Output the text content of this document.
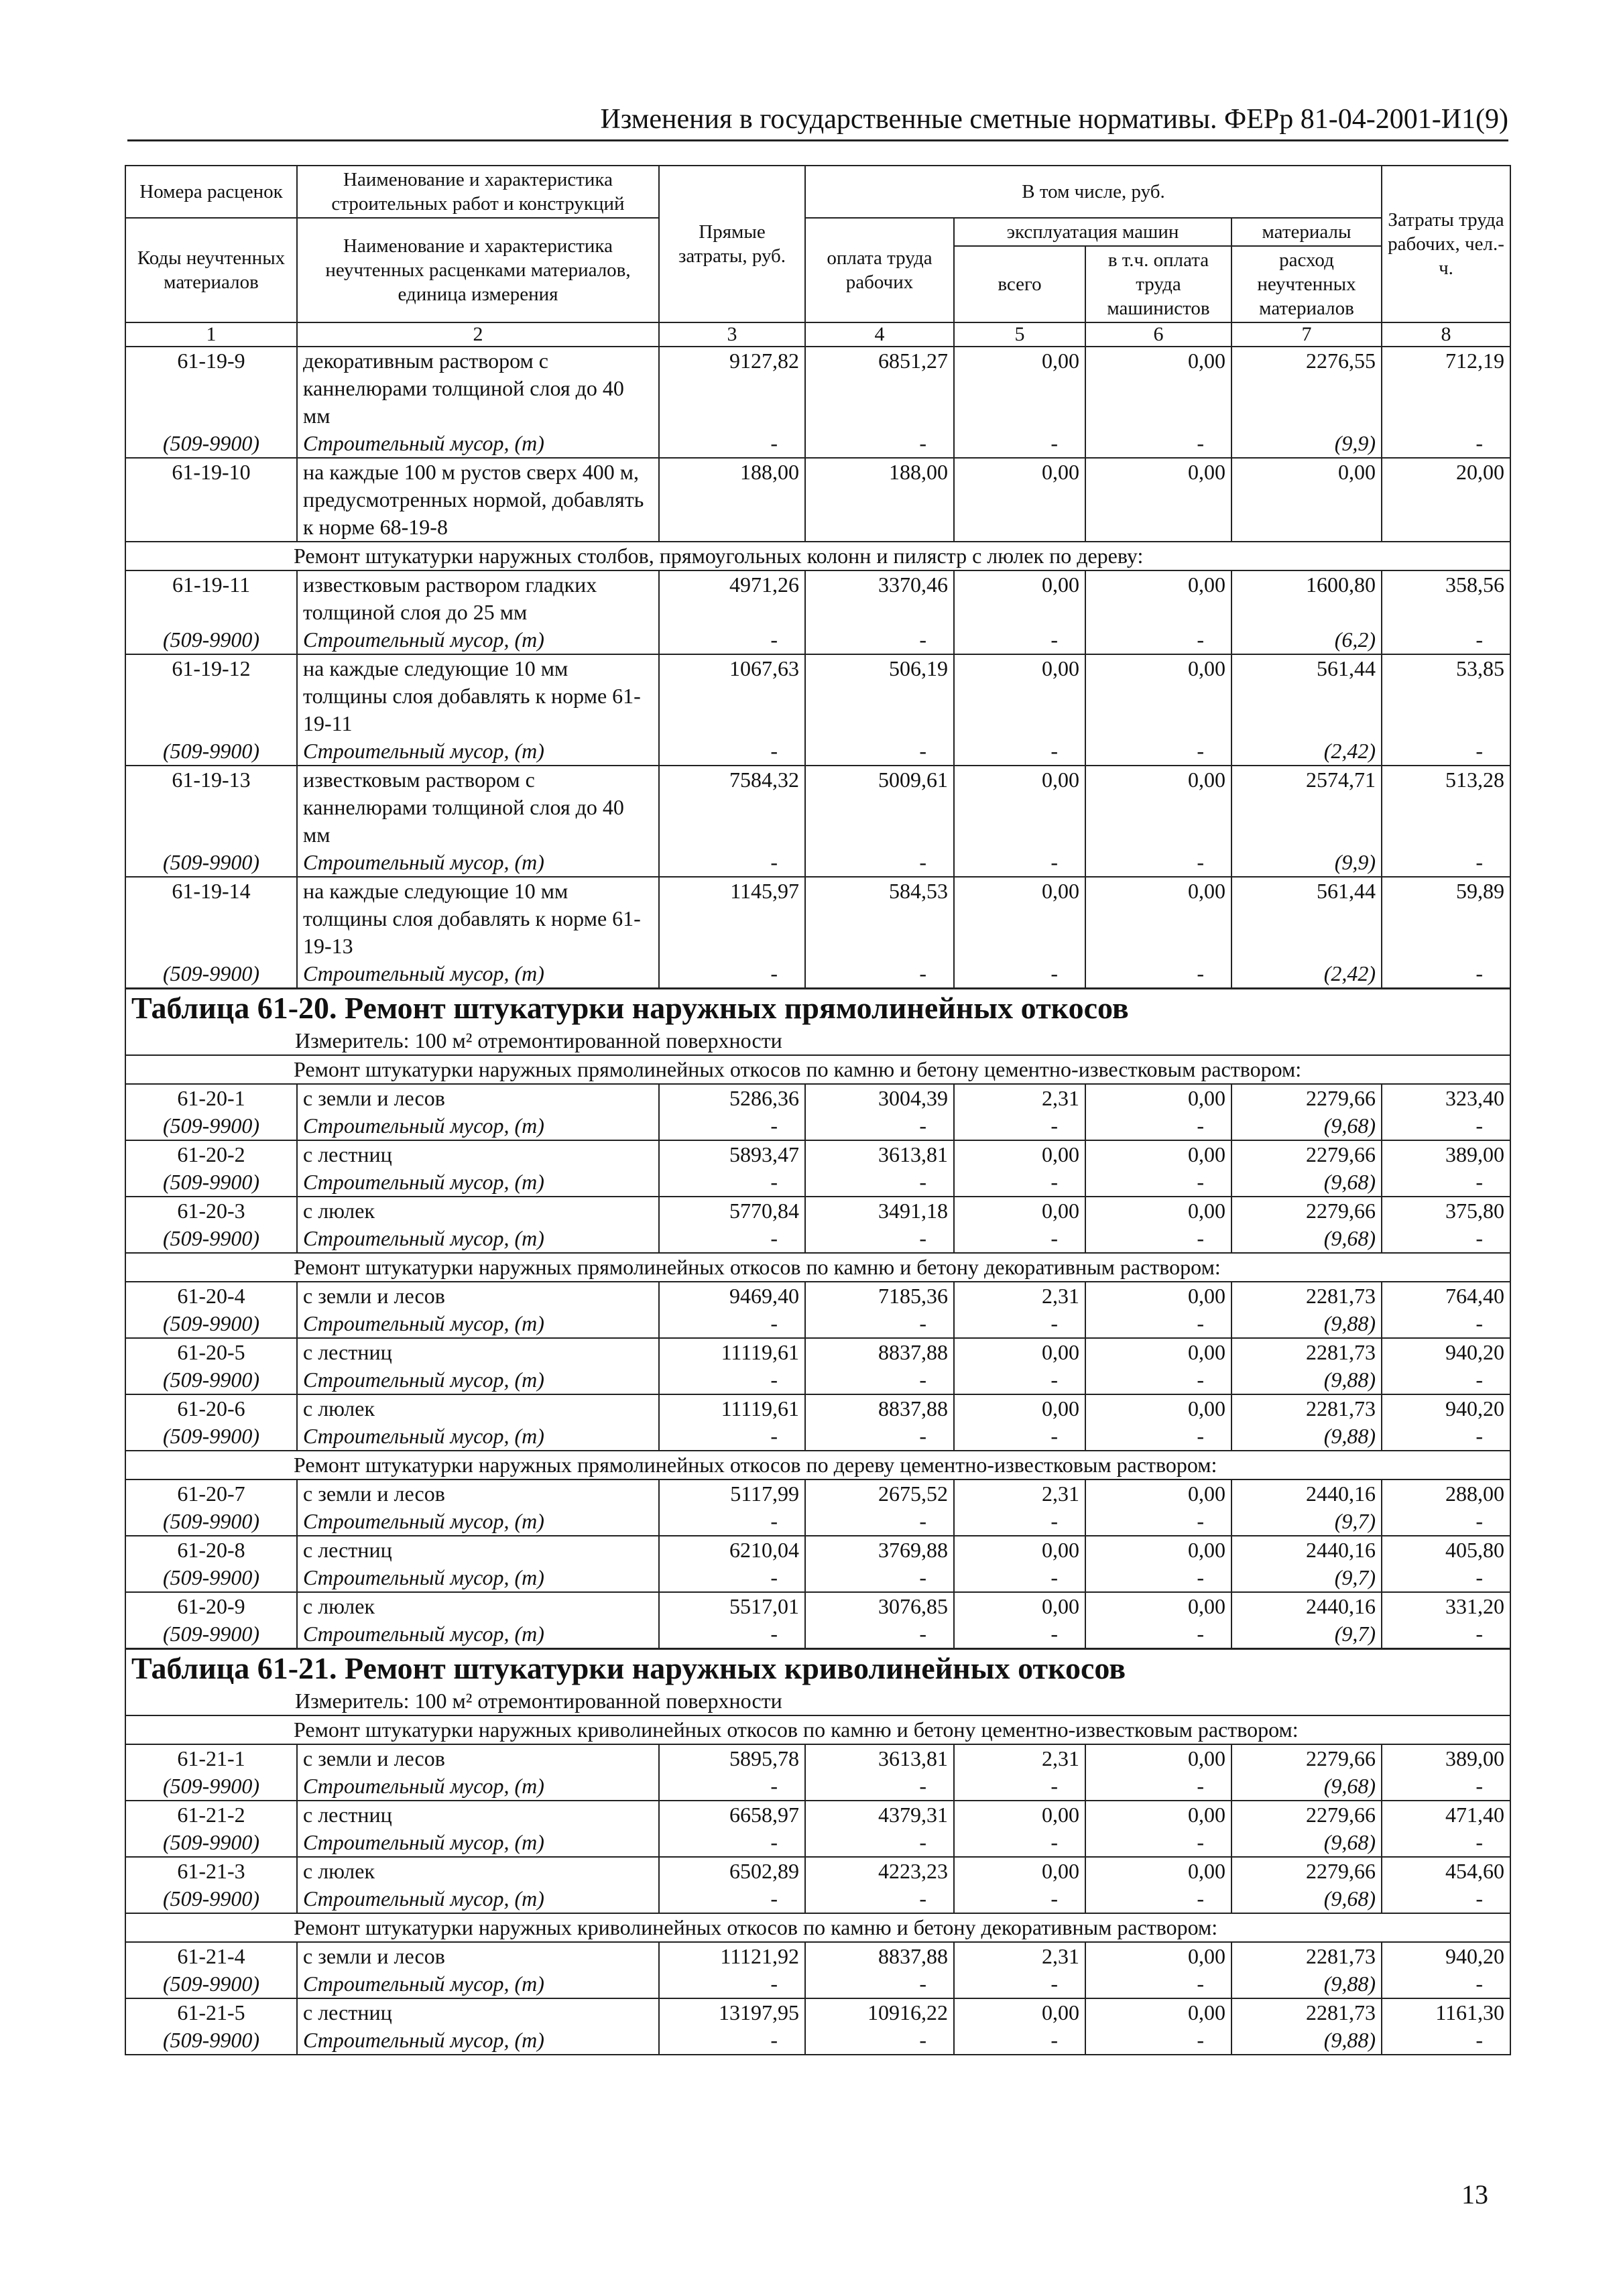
Изменения в государственные сметные нормативы. ФЕРр 81-04-2001-И1(9)
Номера расценок	Наименование и характеристика строительных работ и конструкций	Прямые затраты, руб.	В том числе, руб.				Затраты труда рабочих, чел.-ч.
Коды неучтенных материалов	Наименование и характеристика неучтенных расценками материалов, единица измерения		оплата труда рабочих	эксплуатация машин		материалы	
				всего	в т.ч. оплата труда машинистов	расход неучтенных материалов	

1	2	3	4	5	6	7	8
61-19-9	декоративным раствором с каннелюрами толщиной слоя до 40 мм	9127,82	6851,27	0,00	0,00	2276,55	712,19
(509-9900)	Строительный мусор, (т)	-	-	-	-	(9,9)	-
61-19-10	на каждые 100 м рустов сверх 400 м, предусмотренных нормой, добавлять к норме 68-19-8	188,00	188,00	0,00	0,00	0,00	20,00
Ремонт штукатурки наружных столбов, прямоугольных колонн и пилястр с люлек по дереву:							
61-19-11	известковым раствором гладких толщиной слоя до 25 мм	4971,26	3370,46	0,00	0,00	1600,80	358,56
(509-9900)	Строительный мусор, (т)	-	-	-	-	(6,2)	-
61-19-12	на каждые следующие 10 мм толщины слоя добавлять к норме 61-19-11	1067,63	506,19	0,00	0,00	561,44	53,85
(509-9900)	Строительный мусор, (т)	-	-	-	-	(2,42)	-
61-19-13	известковым раствором с каннелюрами толщиной слоя до 40 мм	7584,32	5009,61	0,00	0,00	2574,71	513,28
(509-9900)	Строительный мусор, (т)	-	-	-	-	(9,9)	-
61-19-14	на каждые следующие 10 мм толщины слоя добавлять к норме 61-19-13	1145,97	584,53	0,00	0,00	561,44	59,89
(509-9900)	Строительный мусор, (т)	-	-	-	-	(2,42)	-
Таблица 61-20. Ремонт штукатурки наружных прямолинейных откосов							
Измеритель: 100 м² отремонтированной поверхности							
Ремонт штукатурки наружных прямолинейных откосов по камню и бетону цементно-известковым раствором:							
61-20-1	с земли и лесов	5286,36	3004,39	2,31	0,00	2279,66	323,40
(509-9900)	Строительный мусор, (т)	-	-	-	-	(9,68)	-
61-20-2	с лестниц	5893,47	3613,81	0,00	0,00	2279,66	389,00
(509-9900)	Строительный мусор, (т)	-	-	-	-	(9,68)	-
61-20-3	с люлек	5770,84	3491,18	0,00	0,00	2279,66	375,80
(509-9900)	Строительный мусор, (т)	-	-	-	-	(9,68)	-
Ремонт штукатурки наружных прямолинейных откосов по камню и бетону декоративным раствором:							
61-20-4	с земли и лесов	9469,40	7185,36	2,31	0,00	2281,73	764,40
(509-9900)	Строительный мусор, (т)	-	-	-	-	(9,88)	-
61-20-5	с лестниц	11119,61	8837,88	0,00	0,00	2281,73	940,20
(509-9900)	Строительный мусор, (т)	-	-	-	-	(9,88)	-
61-20-6	с люлек	11119,61	8837,88	0,00	0,00	2281,73	940,20
(509-9900)	Строительный мусор, (т)	-	-	-	-	(9,88)	-
Ремонт штукатурки наружных прямолинейных откосов по дереву цементно-известковым раствором:							
61-20-7	с земли и лесов	5117,99	2675,52	2,31	0,00	2440,16	288,00
(509-9900)	Строительный мусор, (т)	-	-	-	-	(9,7)	-
61-20-8	с лестниц	6210,04	3769,88	0,00	0,00	2440,16	405,80
(509-9900)	Строительный мусор, (т)	-	-	-	-	(9,7)	-
61-20-9	с люлек	5517,01	3076,85	0,00	0,00	2440,16	331,20
(509-9900)	Строительный мусор, (т)	-	-	-	-	(9,7)	-
Таблица 61-21. Ремонт штукатурки наружных криволинейных откосов							
Измеритель: 100 м² отремонтированной поверхности							
Ремонт штукатурки наружных криволинейных откосов по камню и бетону цементно-известковым раствором:							
61-21-1	с земли и лесов	5895,78	3613,81	2,31	0,00	2279,66	389,00
(509-9900)	Строительный мусор, (т)	-	-	-	-	(9,68)	-
61-21-2	с лестниц	6658,97	4379,31	0,00	0,00	2279,66	471,40
(509-9900)	Строительный мусор, (т)	-	-	-	-	(9,68)	-
61-21-3	с люлек	6502,89	4223,23	0,00	0,00	2279,66	454,60
(509-9900)	Строительный мусор, (т)	-	-	-	-	(9,68)	-
Ремонт штукатурки наружных криволинейных откосов по камню и бетону декоративным раствором:							
61-21-4	с земли и лесов	11121,92	8837,88	2,31	0,00	2281,73	940,20
(509-9900)	Строительный мусор, (т)	-	-	-	-	(9,88)	-
61-21-5	с лестниц	13197,95	10916,22	0,00	0,00	2281,73	1161,30
(509-9900)	Строительный мусор, (т)	-	-	-	-	(9,88)	-
13
